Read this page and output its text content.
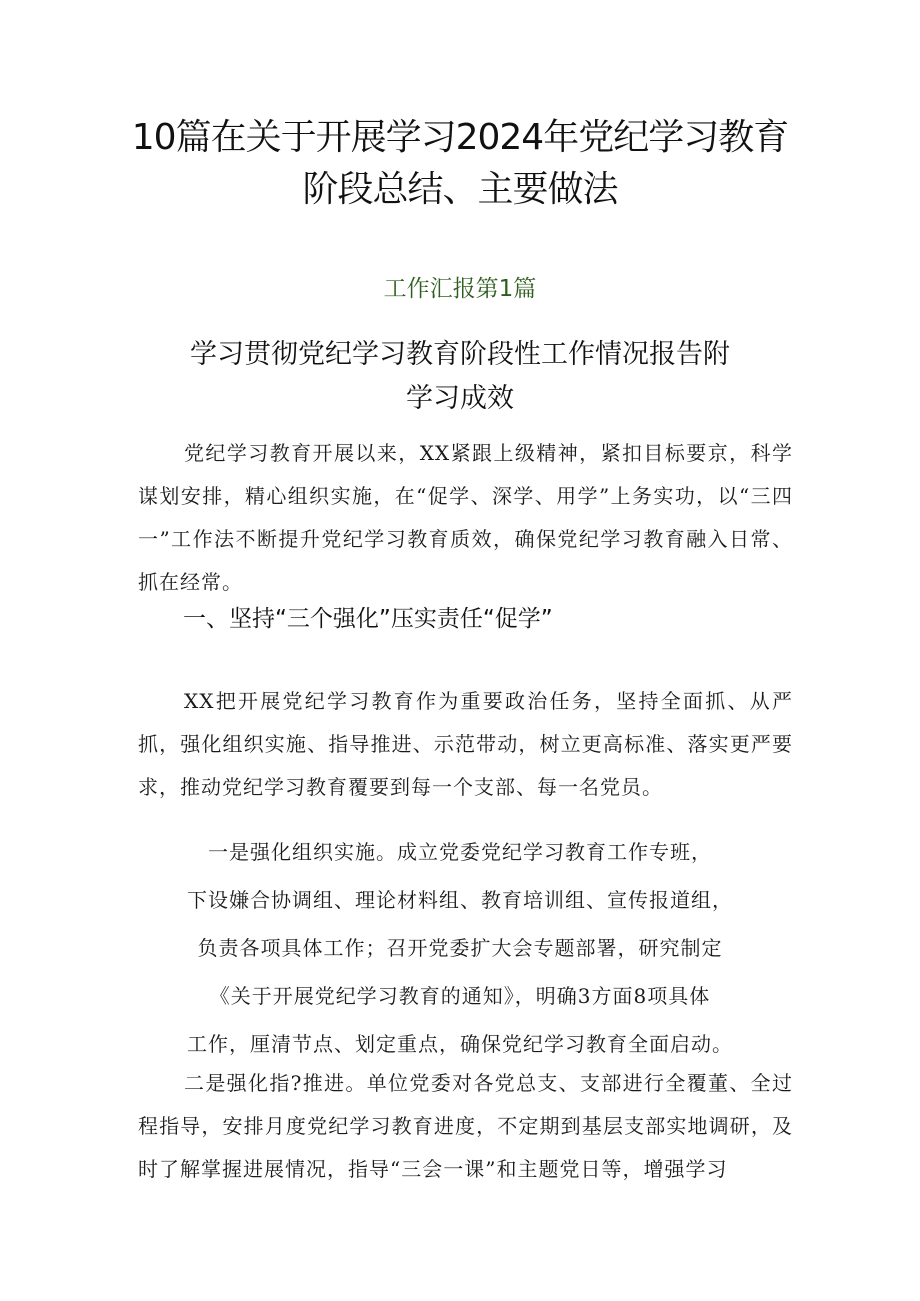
10篇在关于开展学习2024年党纪学习教育
阶段总结、主要做法
工作汇报第1篇
学习贯彻党纪学习教育阶段性工作情况报告附
学习成效

党纪学习教育开展以来，XX紧跟上级精神，紧扣目标要京，科学谋划安排，精心组织实施，在“促学、深学、用学”上务实功，以“三四一”工作法不断提升党纪学习教育质效，确保党纪学习教育融入日常、抓在经常。

一、坚持“三个强化”压实责任“促学”

XX把开展党纪学习教育作为重要政治任务，坚持全面抓、从严抓，强化组织实施、指导推进、示范带动，树立更高标准、落实更严要求，推动党纪学习教育覆要到每一个支部、每一名党员。

一是强化组织实施。成立党委党纪学习教育工作专班，
下设嫌合协调组、理论材料组、教育培训组、宣传报道组，
负责各项具体工作；召开党委扩大会专题部署，研究制定
《关于开展党纪学习教育的通知》，明确3方面8项具体
工作，厘清节点、划定重点，确保党纪学习教育全面启动。

二是强化指?推进。单位党委对各党总支、支部进行全覆董、全过程指导，安排月度党纪学习教育进度，不定期到基层支部实地调研，及时了解掌握进展情况，指导“三会一课”和主题党日等，增强学习
